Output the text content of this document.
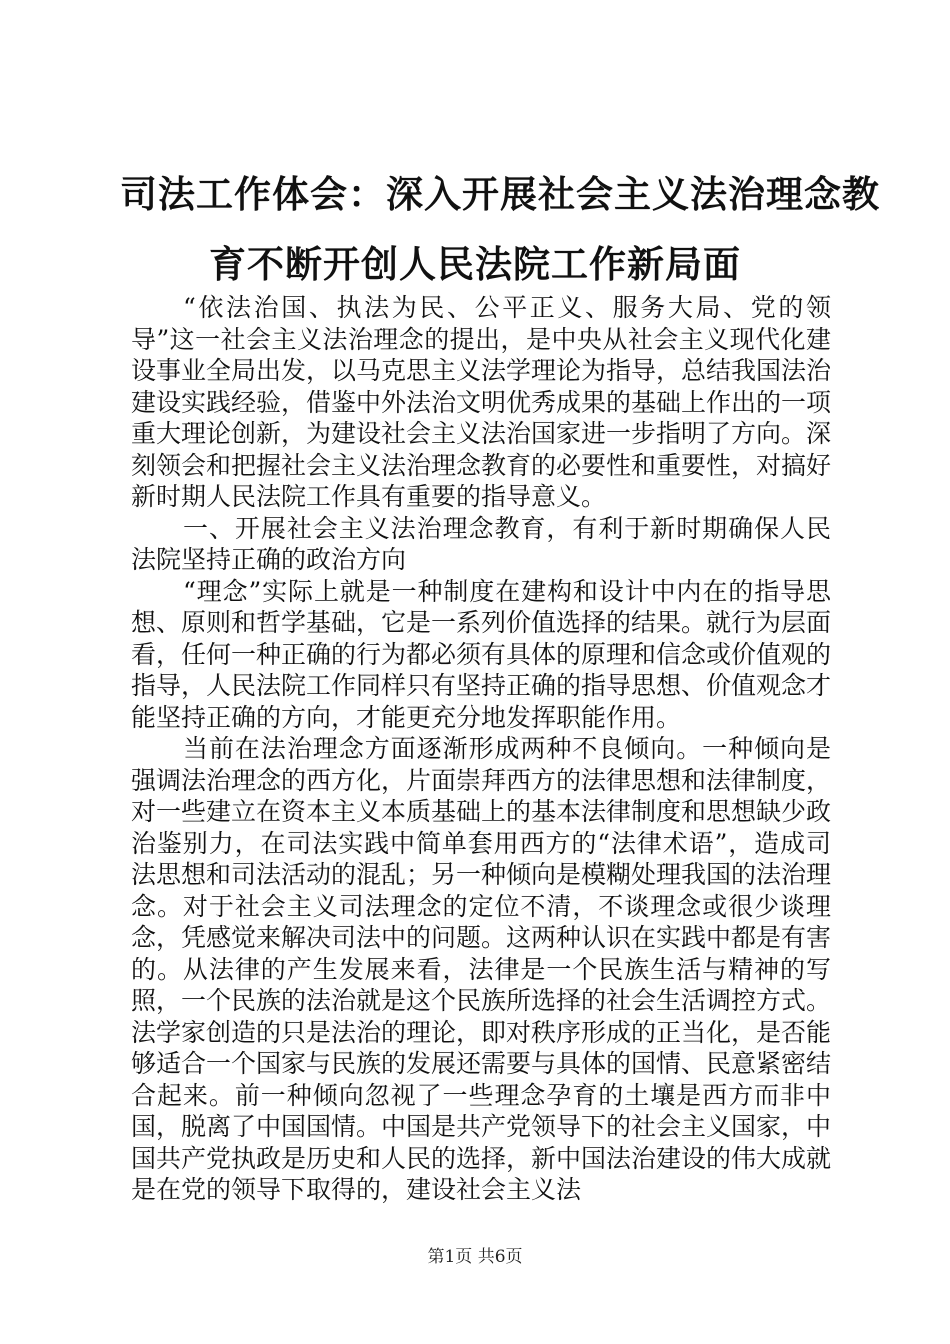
司法工作体会：深入开展社会主义法治理念教
育不断开创人民法院工作新局面

“依法治国、执法为民、公平正义、服务大局、党的领导”这一社会主义法治理念的提出，是中央从社会主义现代化建设事业全局出发，以马克思主义法学理论为指导，总结我国法治建设实践经验，借鉴中外法治文明优秀成果的基础上作出的一项重大理论创新，为建设社会主义法治国家进一步指明了方向。深刻领会和把握社会主义法治理念教育的必要性和重要性，对搞好新时期人民法院工作具有重要的指导意义。

一、开展社会主义法治理念教育，有利于新时期确保人民法院坚持正确的政治方向

“理念”实际上就是一种制度在建构和设计中内在的指导思想、原则和哲学基础，它是一系列价值选择的结果。就行为层面看，任何一种正确的行为都必须有具体的原理和信念或价值观的指导，人民法院工作同样只有坚持正确的指导思想、价值观念才能坚持正确的方向，才能更充分地发挥职能作用。

当前在法治理念方面逐渐形成两种不良倾向。一种倾向是强调法治理念的西方化，片面崇拜西方的法律思想和法律制度，对一些建立在资本主义本质基础上的基本法律制度和思想缺少政治鉴别力，在司法实践中简单套用西方的“法律术语”，造成司法思想和司法活动的混乱；另一种倾向是模糊处理我国的法治理念。对于社会主义司法理念的定位不清，不谈理念或很少谈理念，凭感觉来解决司法中的问题。这两种认识在实践中都是有害的。从法律的产生发展来看，法律是一个民族生活与精神的写照，一个民族的法治就是这个民族所选择的社会生活调控方式。法学家创造的只是法治的理论，即对秩序形成的正当化，是否能够适合一个国家与民族的发展还需要与具体的国情、民意紧密结合起来。前一种倾向忽视了一些理念孕育的土壤是西方而非中国，脱离了中国国情。中国是共产党领导下的社会主义国家，中国共产党执政是历史和人民的选择，新中国法治建设的伟大成就是在党的领导下取得的，建设社会主义法

第1页 共6页
